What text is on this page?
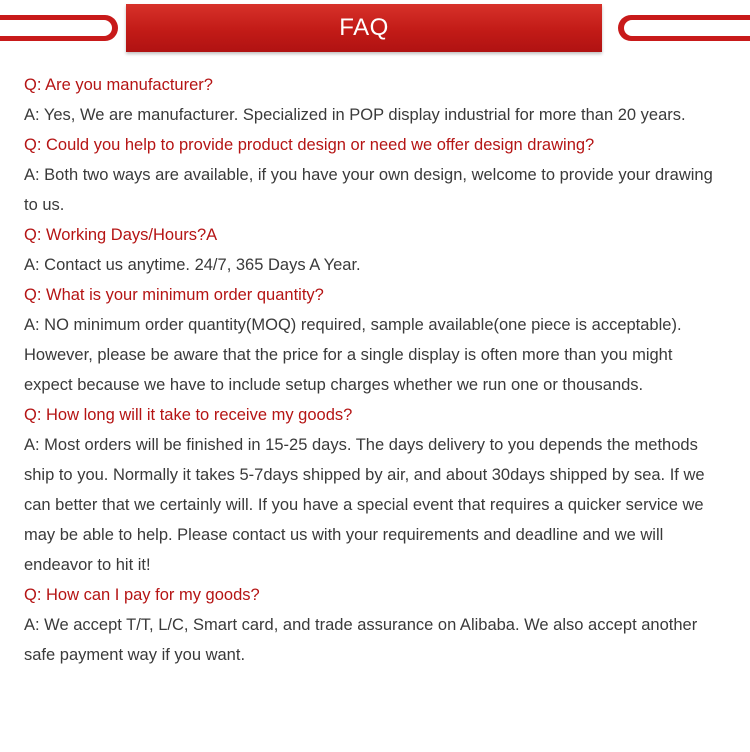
FAQ

Q: Are you manufacturer?

A: Yes, We are manufacturer. Specialized in POP display industrial for more than 20 years.

Q: Could you help to provide product design or need we offer design drawing?

A: Both two ways are available, if you have your own design, welcome to provide your drawing to us.

Q: Working Days/Hours?A

A: Contact us anytime. 24/7, 365 Days A Year.

Q: What is your minimum order quantity?

A: NO minimum order quantity(MOQ) required, sample available(one piece is acceptable). However, please be aware that the price for a single display is often more than you might expect because we have to include setup charges whether we run one or thousands.

Q: How long will it take to receive my goods?

A: Most orders will be finished in 15-25 days. The days delivery to you depends the methods ship to you. Normally it takes 5-7days shipped by air, and about 30days shipped by sea. If we can better that we certainly will. If you have a special event that requires a quicker service we may be able to help. Please contact us with your requirements and deadline and we will endeavor to hit it!

Q: How can I pay for my goods?

A: We accept T/T, L/C, Smart card, and trade assurance on Alibaba. We also accept another safe payment way if you want.
